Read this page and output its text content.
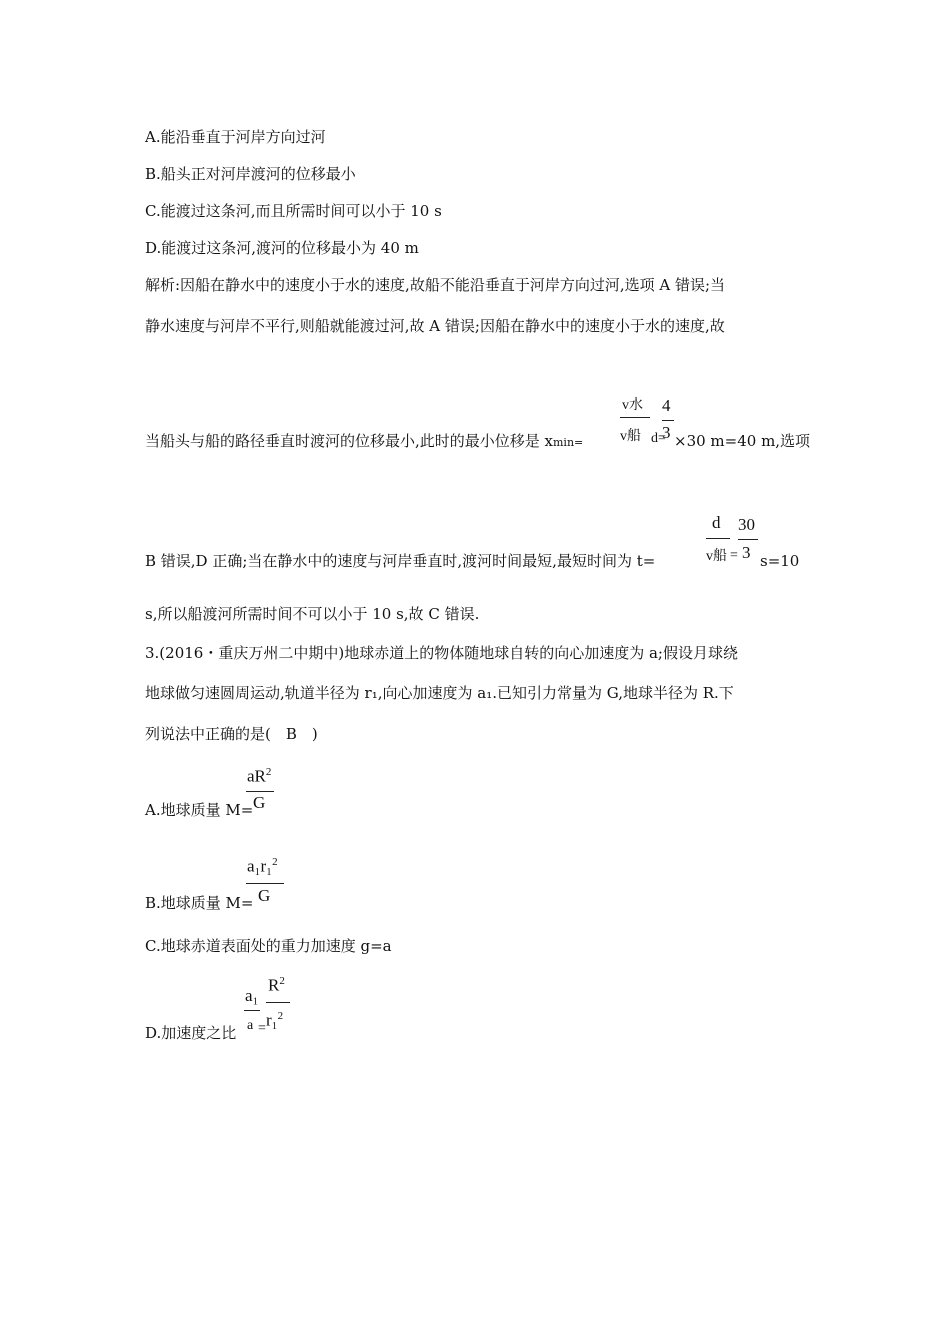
A.能沿垂直于河岸方向过河
B.船头正对河岸渡河的位移最小
C.能渡过这条河,而且所需时间可以小于 10 s
D.能渡过这条河,渡河的位移最小为 40 m
解析:因船在静水中的速度小于水的速度,故船不能沿垂直于河岸方向过河,选项 A 错误;当
静水速度与河岸不平行,则船就能渡过河,故 A 错误;因船在静水中的速度小于水的速度,故
当船头与船的路径垂直时渡河的位移最小,此时的最小位移是 xmin=
v水
v船 d=
4
3 ×30 m=40 m,选项
B 错误,D 正确;当在静水中的速度与河岸垂直时,渡河时间最短,最短时间为 t=
d
v船 =
30
3 s=10
s,所以船渡河所需时间不可以小于 10 s,故 C 错误.
3.(2016・重庆万州二中期中)地球赤道上的物体随地球自转的向心加速度为 a;假设月球绕
地球做匀速圆周运动,轨道半径为 r₁,向心加速度为 a₁.已知引力常量为 G,地球半径为 R.下
列说法中正确的是(　B　)
A.地球质量 M=
$aR^2$
G
B.地球质量 M=
a₁r₁$^2$
G
C.地球赤道表面处的重力加速度 g=a
D.加速度之比
a₁
a =
$R^2$
r₁$^2$
